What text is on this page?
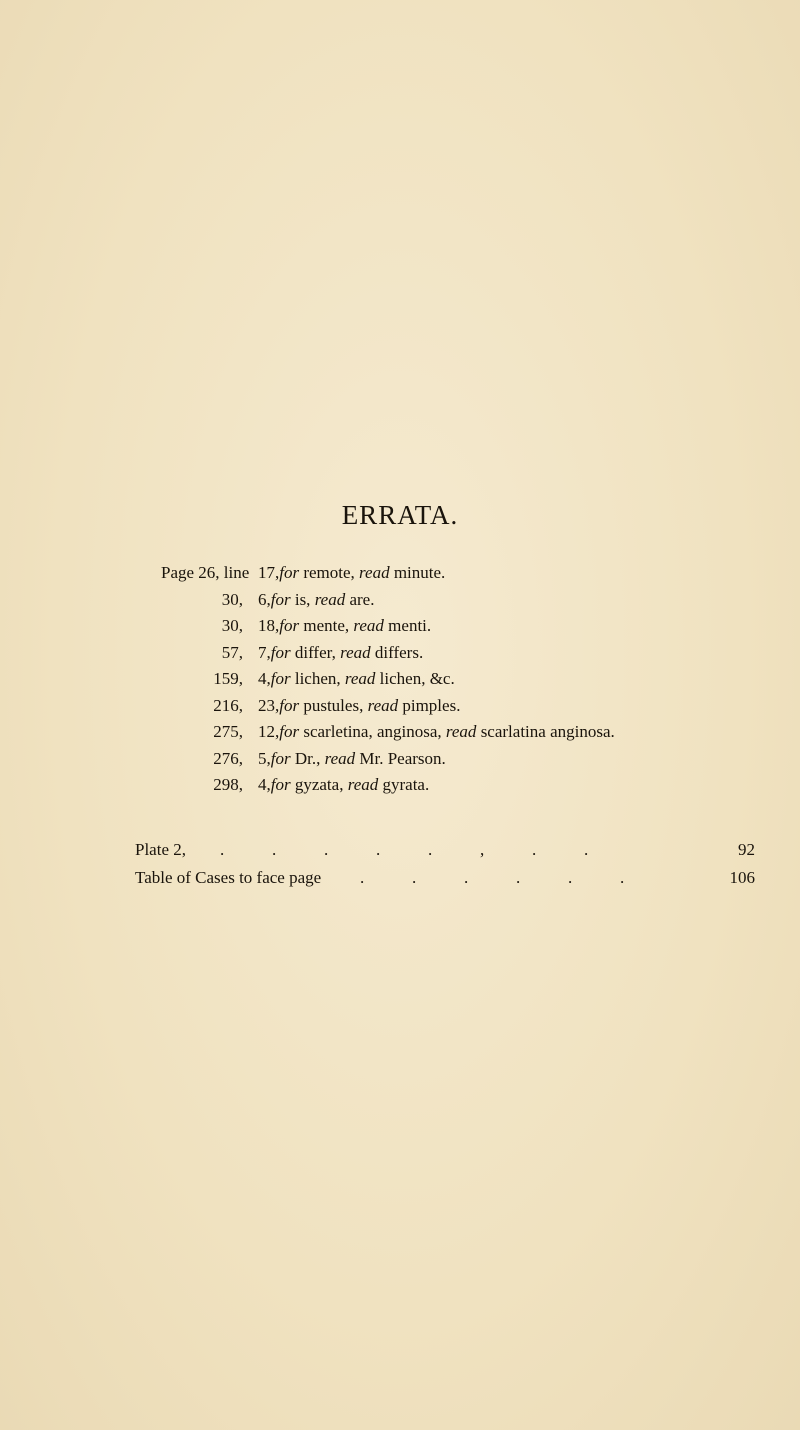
ERRATA.
Page 26, line 17,for remote, read minute.
30, 6,for is, read are.
30, 18,for mente, read menti.
57, 7,for differ, read differs.
159, 4,for lichen, read lichen, &c.
216, 23,for pustules, read pimples.
275, 12,for scarletina, anginosa, read scarlatina anginosa.
276, 5,for Dr., read Mr. Pearson.
298, 4,for gyzata, read gyrata.
Plate 2, .	.	.	.	.	,	.	.	92
Table of Cases to face page .	.	.	.	.	.	106
